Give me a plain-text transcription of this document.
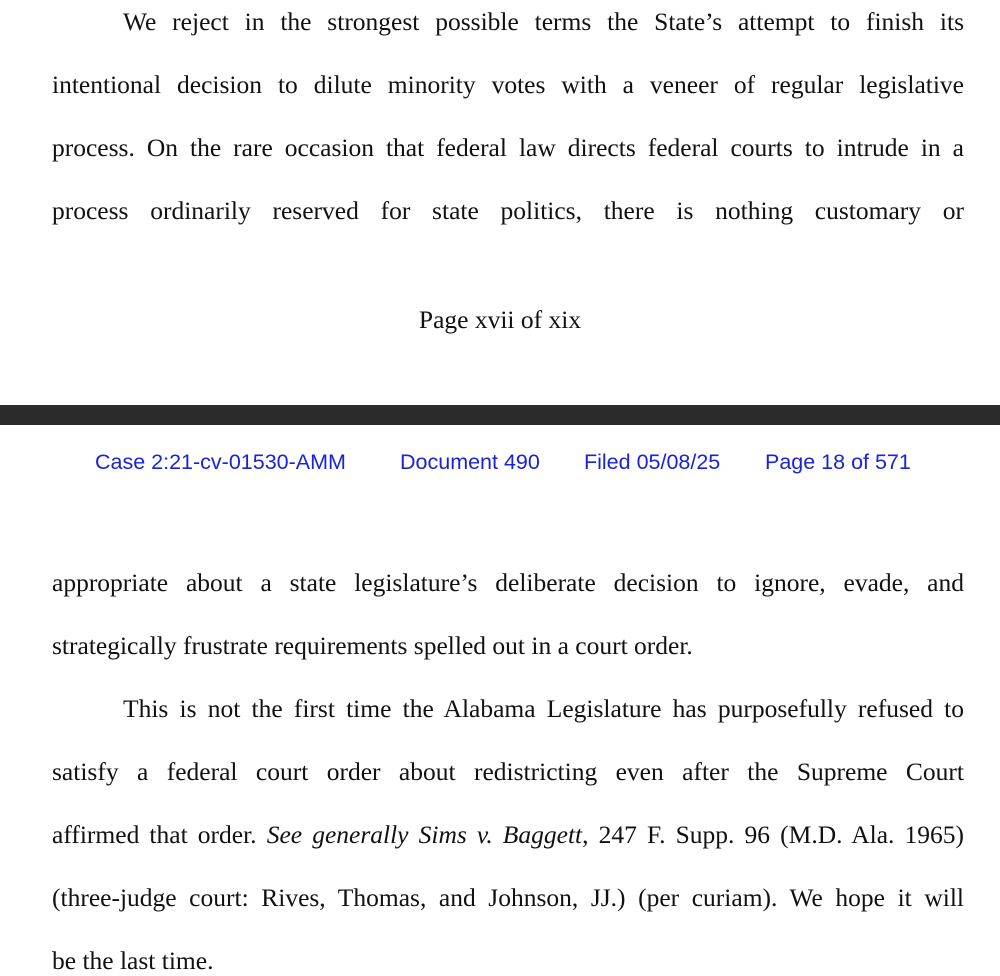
We reject in the strongest possible terms the State’s attempt to finish its
intentional decision to dilute minority votes with a veneer of regular legislative
process. On the rare occasion that federal law directs federal courts to intrude in a
process ordinarily reserved for state politics, there is nothing customary or
Page xvii of xix
Case 2:21-cv-01530-AMM	Document 490 Filed 05/08/25 Page 18 of 571
appropriate about a state legislature’s deliberate decision to ignore, evade, and
strategically frustrate requirements spelled out in a court order.
This is not the first time the Alabama Legislature has purposefully refused to
satisfy a federal court order about redistricting even after the Supreme Court
affirmed that order. See generally Sims v. Baggett, 247 F. Supp. 96 (M.D. Ala. 1965)
(three-judge court: Rives, Thomas, and Johnson, JJ.) (per curiam). We hope it will
be the last time.
